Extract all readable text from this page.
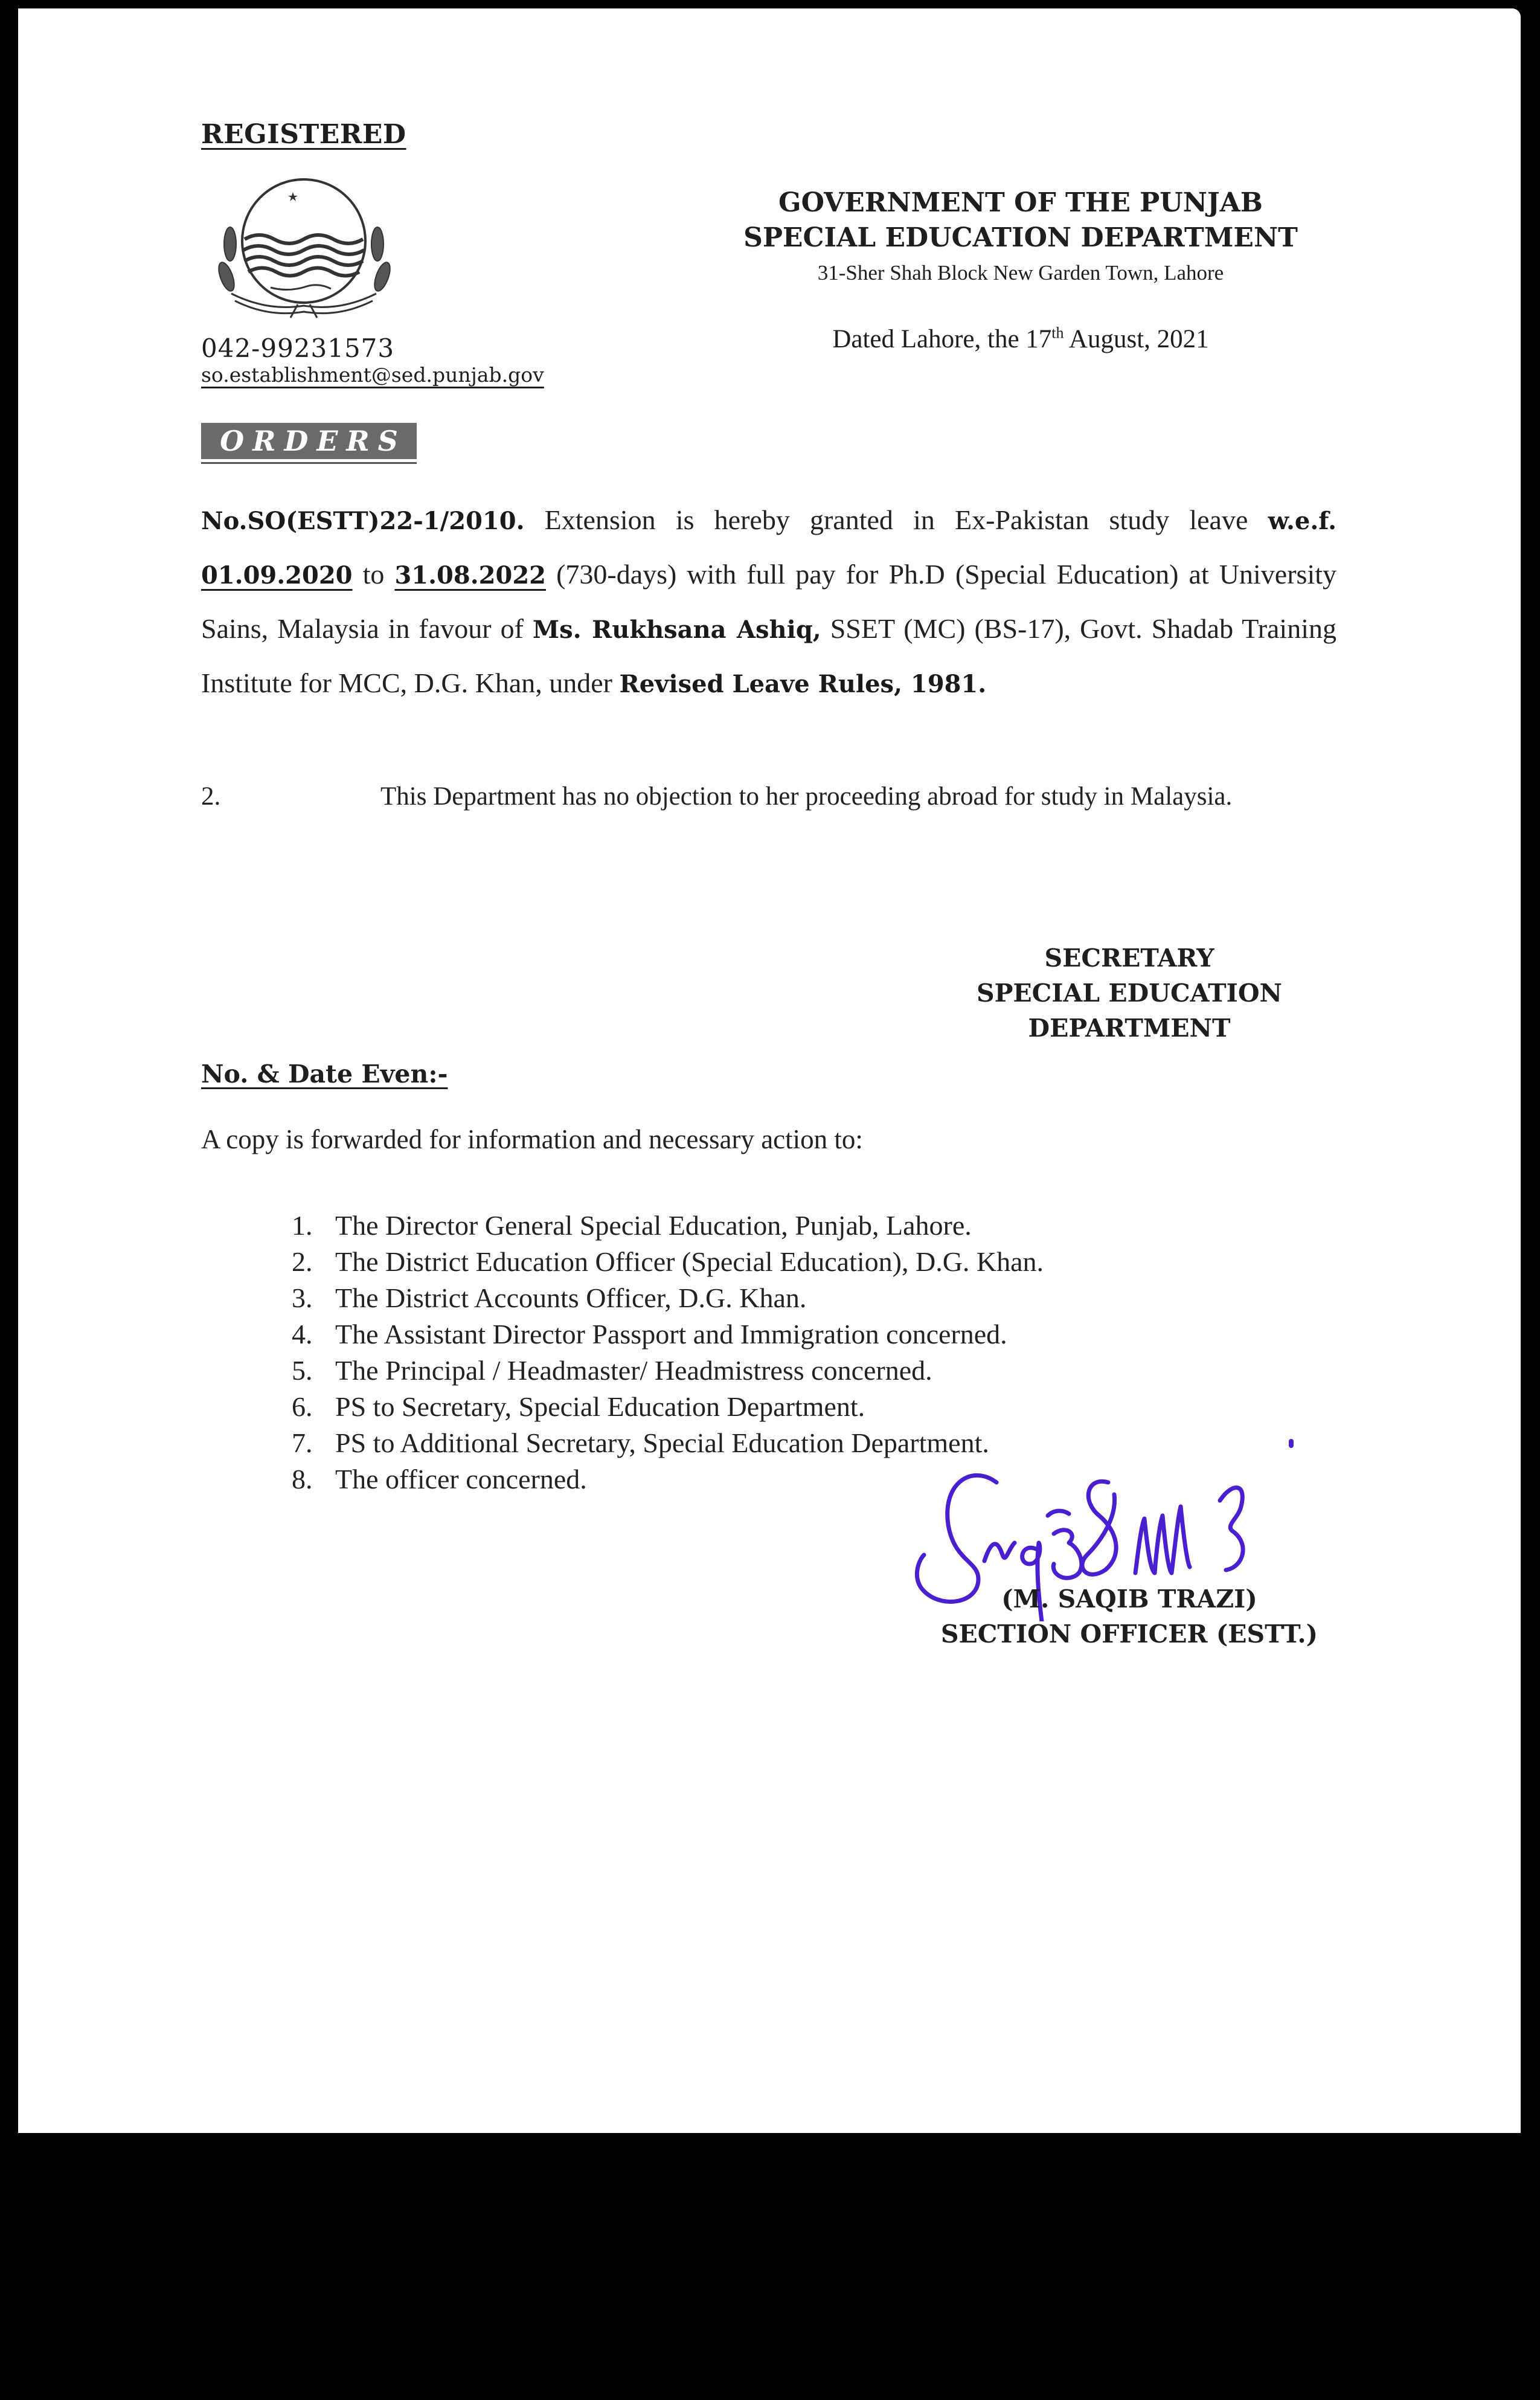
REGISTERED
042-99231573
so.establishment@sed.punjab.gov
GOVERNMENT OF THE PUNJAB
SPECIAL EDUCATION DEPARTMENT
31-Sher Shah Block New Garden Town, Lahore
Dated Lahore, the 17th August, 2021
ORDERS
No.SO(ESTT)22-1/2010. Extension is hereby granted in Ex-Pakistan study leave w.e.f. 01.09.2020 to 31.08.2022 (730-days) with full pay for Ph.D (Special Education) at University Sains, Malaysia in favour of Ms. Rukhsana Ashiq, SSET (MC) (BS-17), Govt. Shadab Training Institute for MCC, D.G. Khan, under Revised Leave Rules, 1981.
2.	This Department has no objection to her proceeding abroad for study in Malaysia.
SECRETARY
SPECIAL EDUCATION
DEPARTMENT
No. & Date Even:-
A copy is forwarded for information and necessary action to:
1. The Director General Special Education, Punjab, Lahore.
2. The District Education Officer (Special Education), D.G. Khan.
3. The District Accounts Officer, D.G. Khan.
4. The Assistant Director Passport and Immigration concerned.
5. The Principal / Headmaster/ Headmistress concerned.
6. PS to Secretary, Special Education Department.
7. PS to Additional Secretary, Special Education Department.
8. The officer concerned.
(M. SAQIB TRAZI)
SECTION OFFICER (ESTT.)
